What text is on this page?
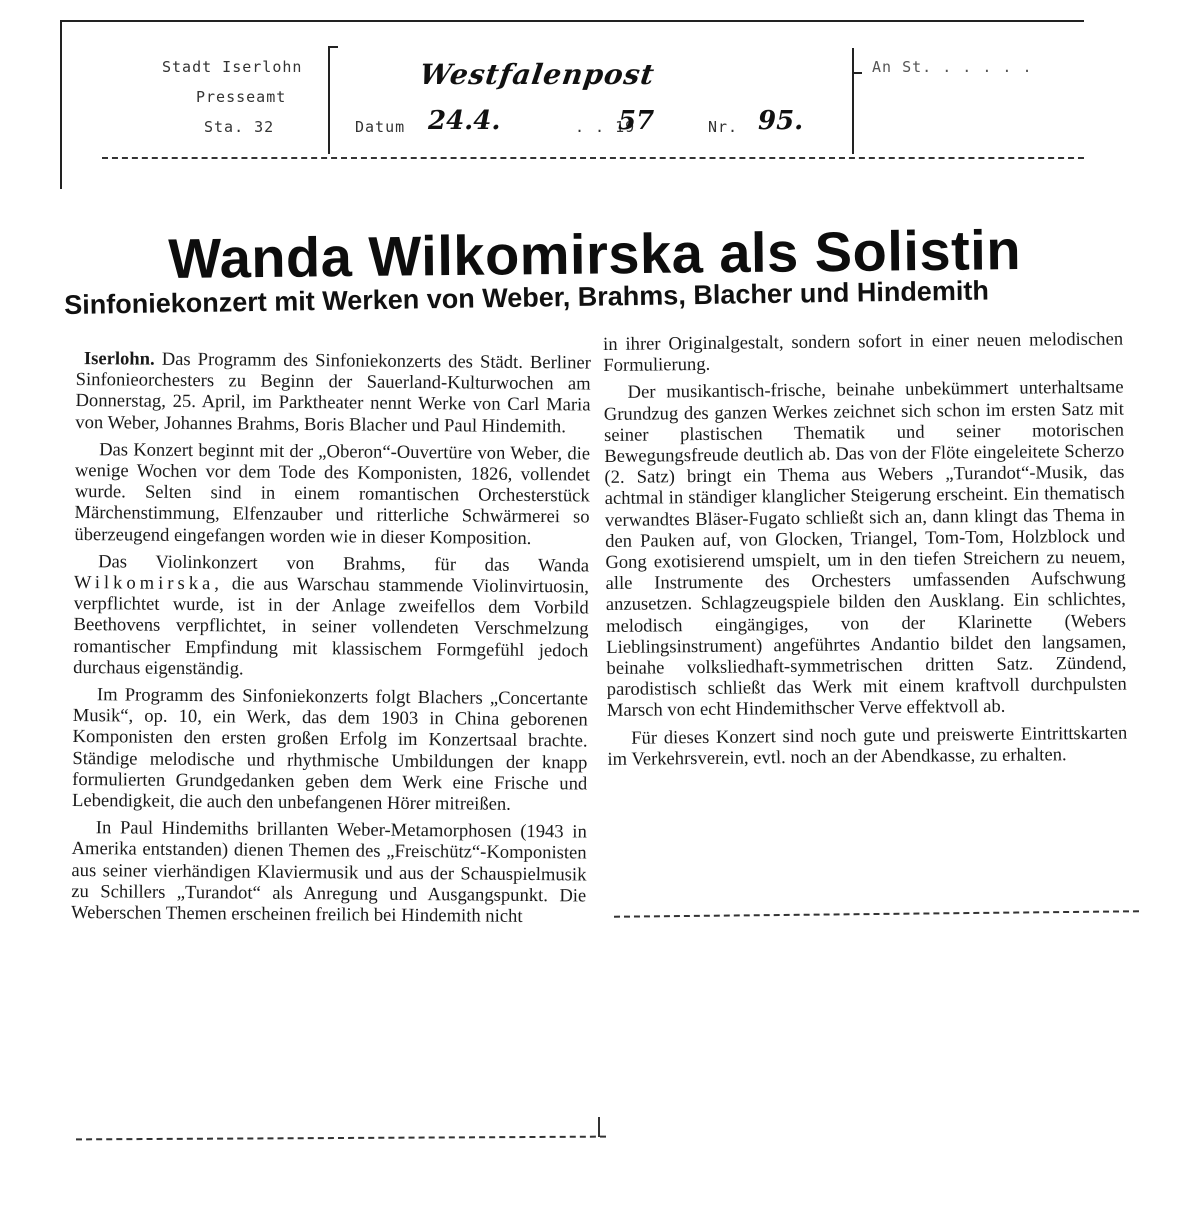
Stadt Iserlohn
Presseamt
Sta. 32
Westfalenpost
Datum 24.4.	. . 19
57	Nr. 95.
An St. . . . . .
Wanda Wilkomirska als Solistin
Sinfoniekonzert mit Werken von Weber, Brahms, Blacher und Hindemith

Iserlohn. Das Programm des Sinfoniekonzerts des Städt. Berliner Sinfonieorchesters zu Beginn der Sauerland-Kulturwochen am Donnerstag, 25. April, im Parktheater nennt Werke von Carl Maria von Weber, Johannes Brahms, Boris Blacher und Paul Hindemith.

Das Konzert beginnt mit der „Oberon“-Ouvertüre von Weber, die wenige Wochen vor dem Tode des Komponisten, 1826, vollendet wurde. Selten sind in einem romantischen Orchesterstück Märchenstimmung, Elfenzauber und ritterliche Schwärmerei so überzeugend eingefangen worden wie in dieser Komposition.

Das Violinkonzert von Brahms, für das Wanda Wilkomirska, die aus Warschau stammende Violinvirtuosin, verpflichtet wurde, ist in der Anlage zweifellos dem Vorbild Beethovens verpflichtet, in seiner vollendeten Verschmelzung romantischer Empfindung mit klassischem Formgefühl jedoch durchaus eigenständig.

Im Programm des Sinfoniekonzerts folgt Blachers „Concertante Musik“, op. 10, ein Werk, das dem 1903 in China geborenen Komponisten den ersten großen Erfolg im Konzertsaal brachte. Ständige melodische und rhythmische Umbildungen der knapp formulierten Grundgedanken geben dem Werk eine Frische und Lebendigkeit, die auch den unbefangenen Hörer mitreißen.

In Paul Hindemiths brillanten Weber-Metamorphosen (1943 in Amerika entstanden) dienen Themen des „Freischütz“-Komponisten aus seiner vierhändigen Klaviermusik und aus der Schauspielmusik zu Schillers „Turandot“ als Anregung und Ausgangspunkt. Die Weberschen Themen erscheinen freilich bei Hindemith nicht

in ihrer Originalgestalt, sondern sofort in einer neuen melodischen Formulierung.

Der musikantisch-frische, beinahe unbekümmert unterhaltsame Grundzug des ganzen Werkes zeichnet sich schon im ersten Satz mit seiner plastischen Thematik und seiner motorischen Bewegungsfreude deutlich ab. Das von der Flöte eingeleitete Scherzo (2. Satz) bringt ein Thema aus Webers „Turandot“-Musik, das achtmal in ständiger klanglicher Steigerung erscheint. Ein thematisch verwandtes Bläser-Fugato schließt sich an, dann klingt das Thema in den Pauken auf, von Glocken, Triangel, Tom-Tom, Holzblock und Gong exotisierend umspielt, um in den tiefen Streichern zu neuem, alle Instrumente des Orchesters umfassenden Aufschwung anzusetzen. Schlagzeugspiele bilden den Ausklang. Ein schlichtes, melodisch eingängiges, von der Klarinette (Webers Lieblingsinstrument) angeführtes Andantio bildet den langsamen, beinahe volksliedhaft-symmetrischen dritten Satz. Zündend, parodistisch schließt das Werk mit einem kraftvoll durchpulsten Marsch von echt Hindemithscher Verve effektvoll ab.

Für dieses Konzert sind noch gute und preiswerte Eintrittskarten im Verkehrsverein, evtl. noch an der Abendkasse, zu erhalten.
